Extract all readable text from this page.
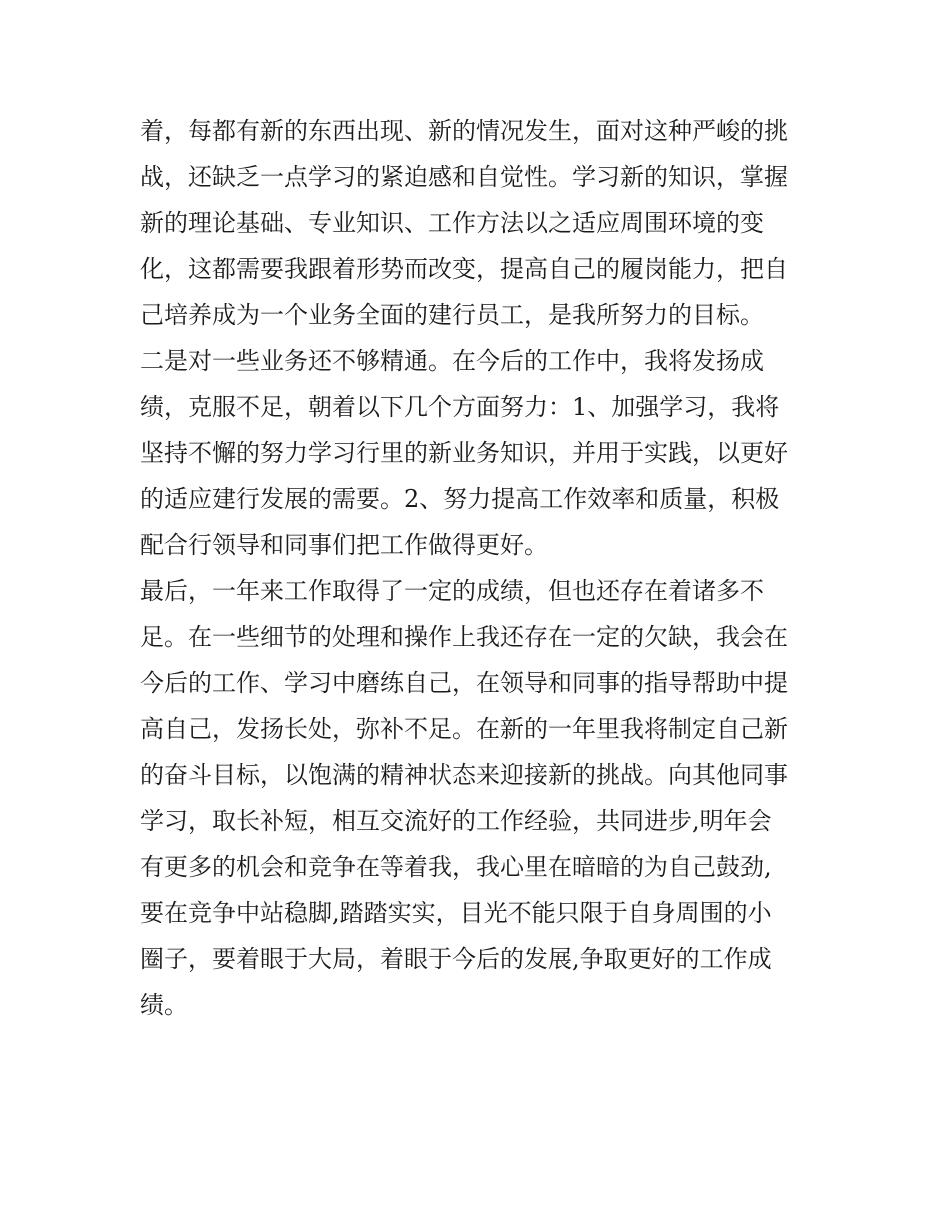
着，每都有新的东西出现、新的情况发生，面对这种严峻的挑
战，还缺乏一点学习的紧迫感和自觉性。学习新的知识，掌握
新的理论基础、专业知识、工作方法以之适应周围环境的变
化，这都需要我跟着形势而改变，提高自己的履岗能力，把自
己培养成为一个业务全面的建行员工，是我所努力的目标。
二是对一些业务还不够精通。在今后的工作中，我将发扬成
绩，克服不足，朝着以下几个方面努力：1、加强学习，我将
坚持不懈的努力学习行里的新业务知识，并用于实践，以更好
的适应建行发展的需要。2、努力提高工作效率和质量，积极
配合行领导和同事们把工作做得更好。
最后，一年来工作取得了一定的成绩，但也还存在着诸多不
足。在一些细节的处理和操作上我还存在一定的欠缺，我会在
今后的工作、学习中磨练自己，在领导和同事的指导帮助中提
高自己，发扬长处，弥补不足。在新的一年里我将制定自己新
的奋斗目标，以饱满的精神状态来迎接新的挑战。向其他同事
学习，取长补短，相互交流好的工作经验，共同进步,明年会
有更多的机会和竞争在等着我，我心里在暗暗的为自己鼓劲,
要在竞争中站稳脚,踏踏实实，目光不能只限于自身周围的小
圈子，要着眼于大局，着眼于今后的发展,争取更好的工作成
绩。
